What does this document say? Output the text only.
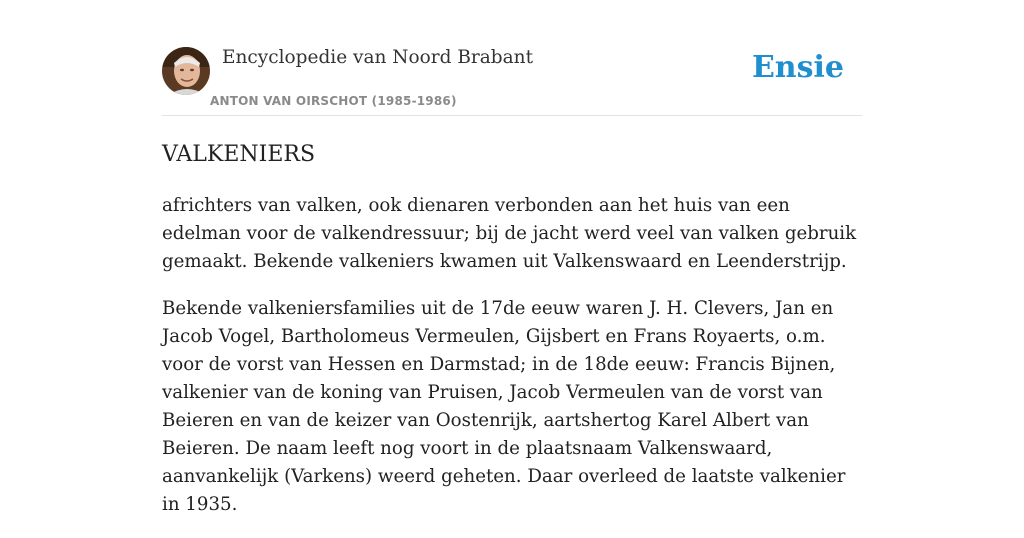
Encyclopedie van Noord Brabant
ANTON VAN OIRSCHOT (1985-1986)
Ensie
VALKENIERS

africhters van valken, ook dienaren verbonden aan het huis van een edelman voor de valkendressuur; bij de jacht werd veel van valken gebruik gemaakt. Bekende valkeniers kwamen uit Valkenswaard en Leenderstrijp.

Bekende valkeniersfamilies uit de 17de eeuw waren J. H. Clevers, Jan en Jacob Vogel, Bartholomeus Vermeulen, Gijsbert en Frans Royaerts, o.m. voor de vorst van Hessen en Darmstad; in de 18de eeuw: Francis Bijnen, valkenier van de koning van Pruisen, Jacob Vermeulen van de vorst van Beieren en van de keizer van Oostenrijk, aartshertog Karel Albert van Beieren. De naam leeft nog voort in de plaatsnaam Valkenswaard, aanvankelijk (Varkens) weerd geheten. Daar overleed de laatste valkenier in 1935.
